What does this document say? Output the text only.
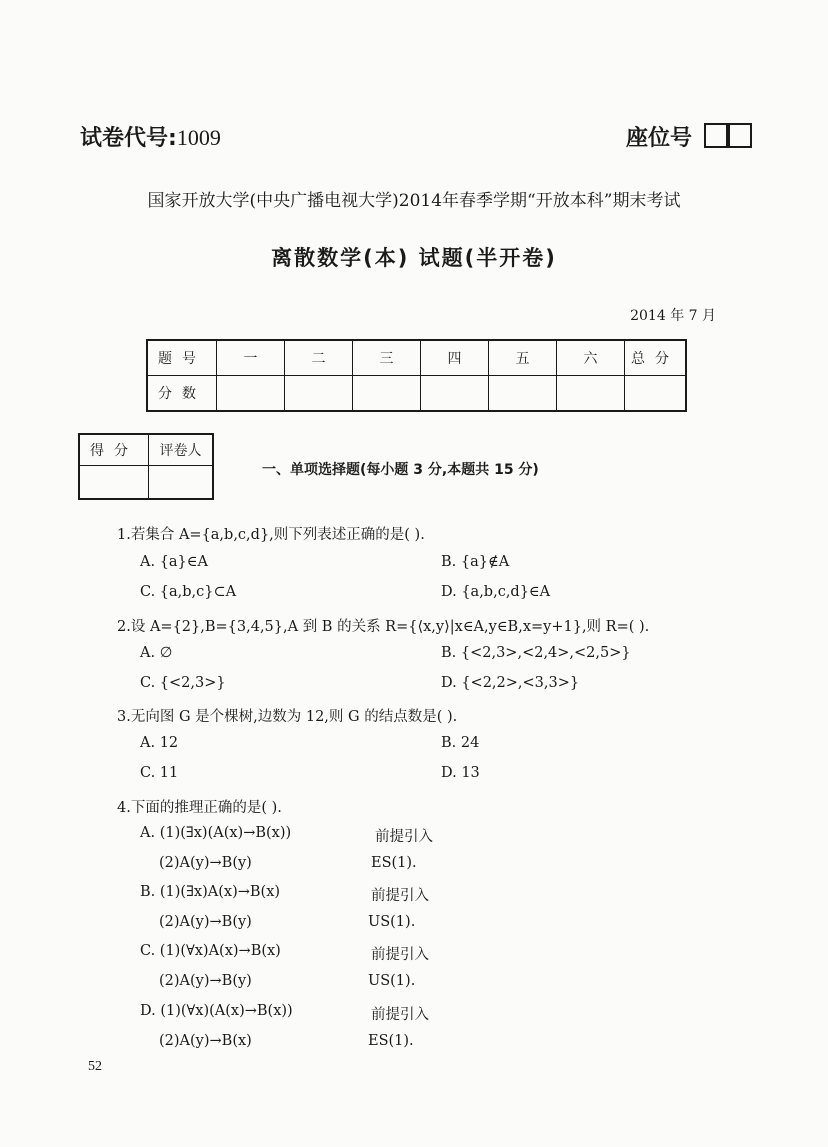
试卷代号:1009	座位号
国家开放大学(中央广播电视大学)2014年春季学期“开放本科”期末考试
离散数学(本) 试题(半开卷)
2014 年 7 月
题号	一	二	三	四	五	六	总分
分数							
得分	评卷人

一、单项选择题(每小题 3 分,本题共 15 分)
1.若集合 A={a,b,c,d},则下列表述正确的是( ).
A. {a}∈A	B. {a}∉A
C. {a,b,c}⊂A	D. {a,b,c,d}∈A
2.设 A={2},B={3,4,5},A 到 B 的关系 R={⟨x,y⟩|x∈A,y∈B,x=y+1},则 R=( ).
A. ∅	B. {<2,3>,<2,4>,<2,5>}
C. {<2,3>}	D. {<2,2>,<3,3>}
3.无向图 G 是个棵树,边数为 12,则 G 的结点数是( ).
A. 12	B. 24
C. 11	D. 13
4.下面的推理正确的是( ).
A. (1)(∃x)(A(x)→B(x))	前提引入
(2)A(y)→B(y)	ES(1).
B. (1)(∃x)A(x)→B(x)	前提引入
(2)A(y)→B(y)	US(1).
C. (1)(∀x)A(x)→B(x)	前提引入
(2)A(y)→B(y)	US(1).
D. (1)(∀x)(A(x)→B(x))	前提引入
(2)A(y)→B(x)	ES(1).
52
